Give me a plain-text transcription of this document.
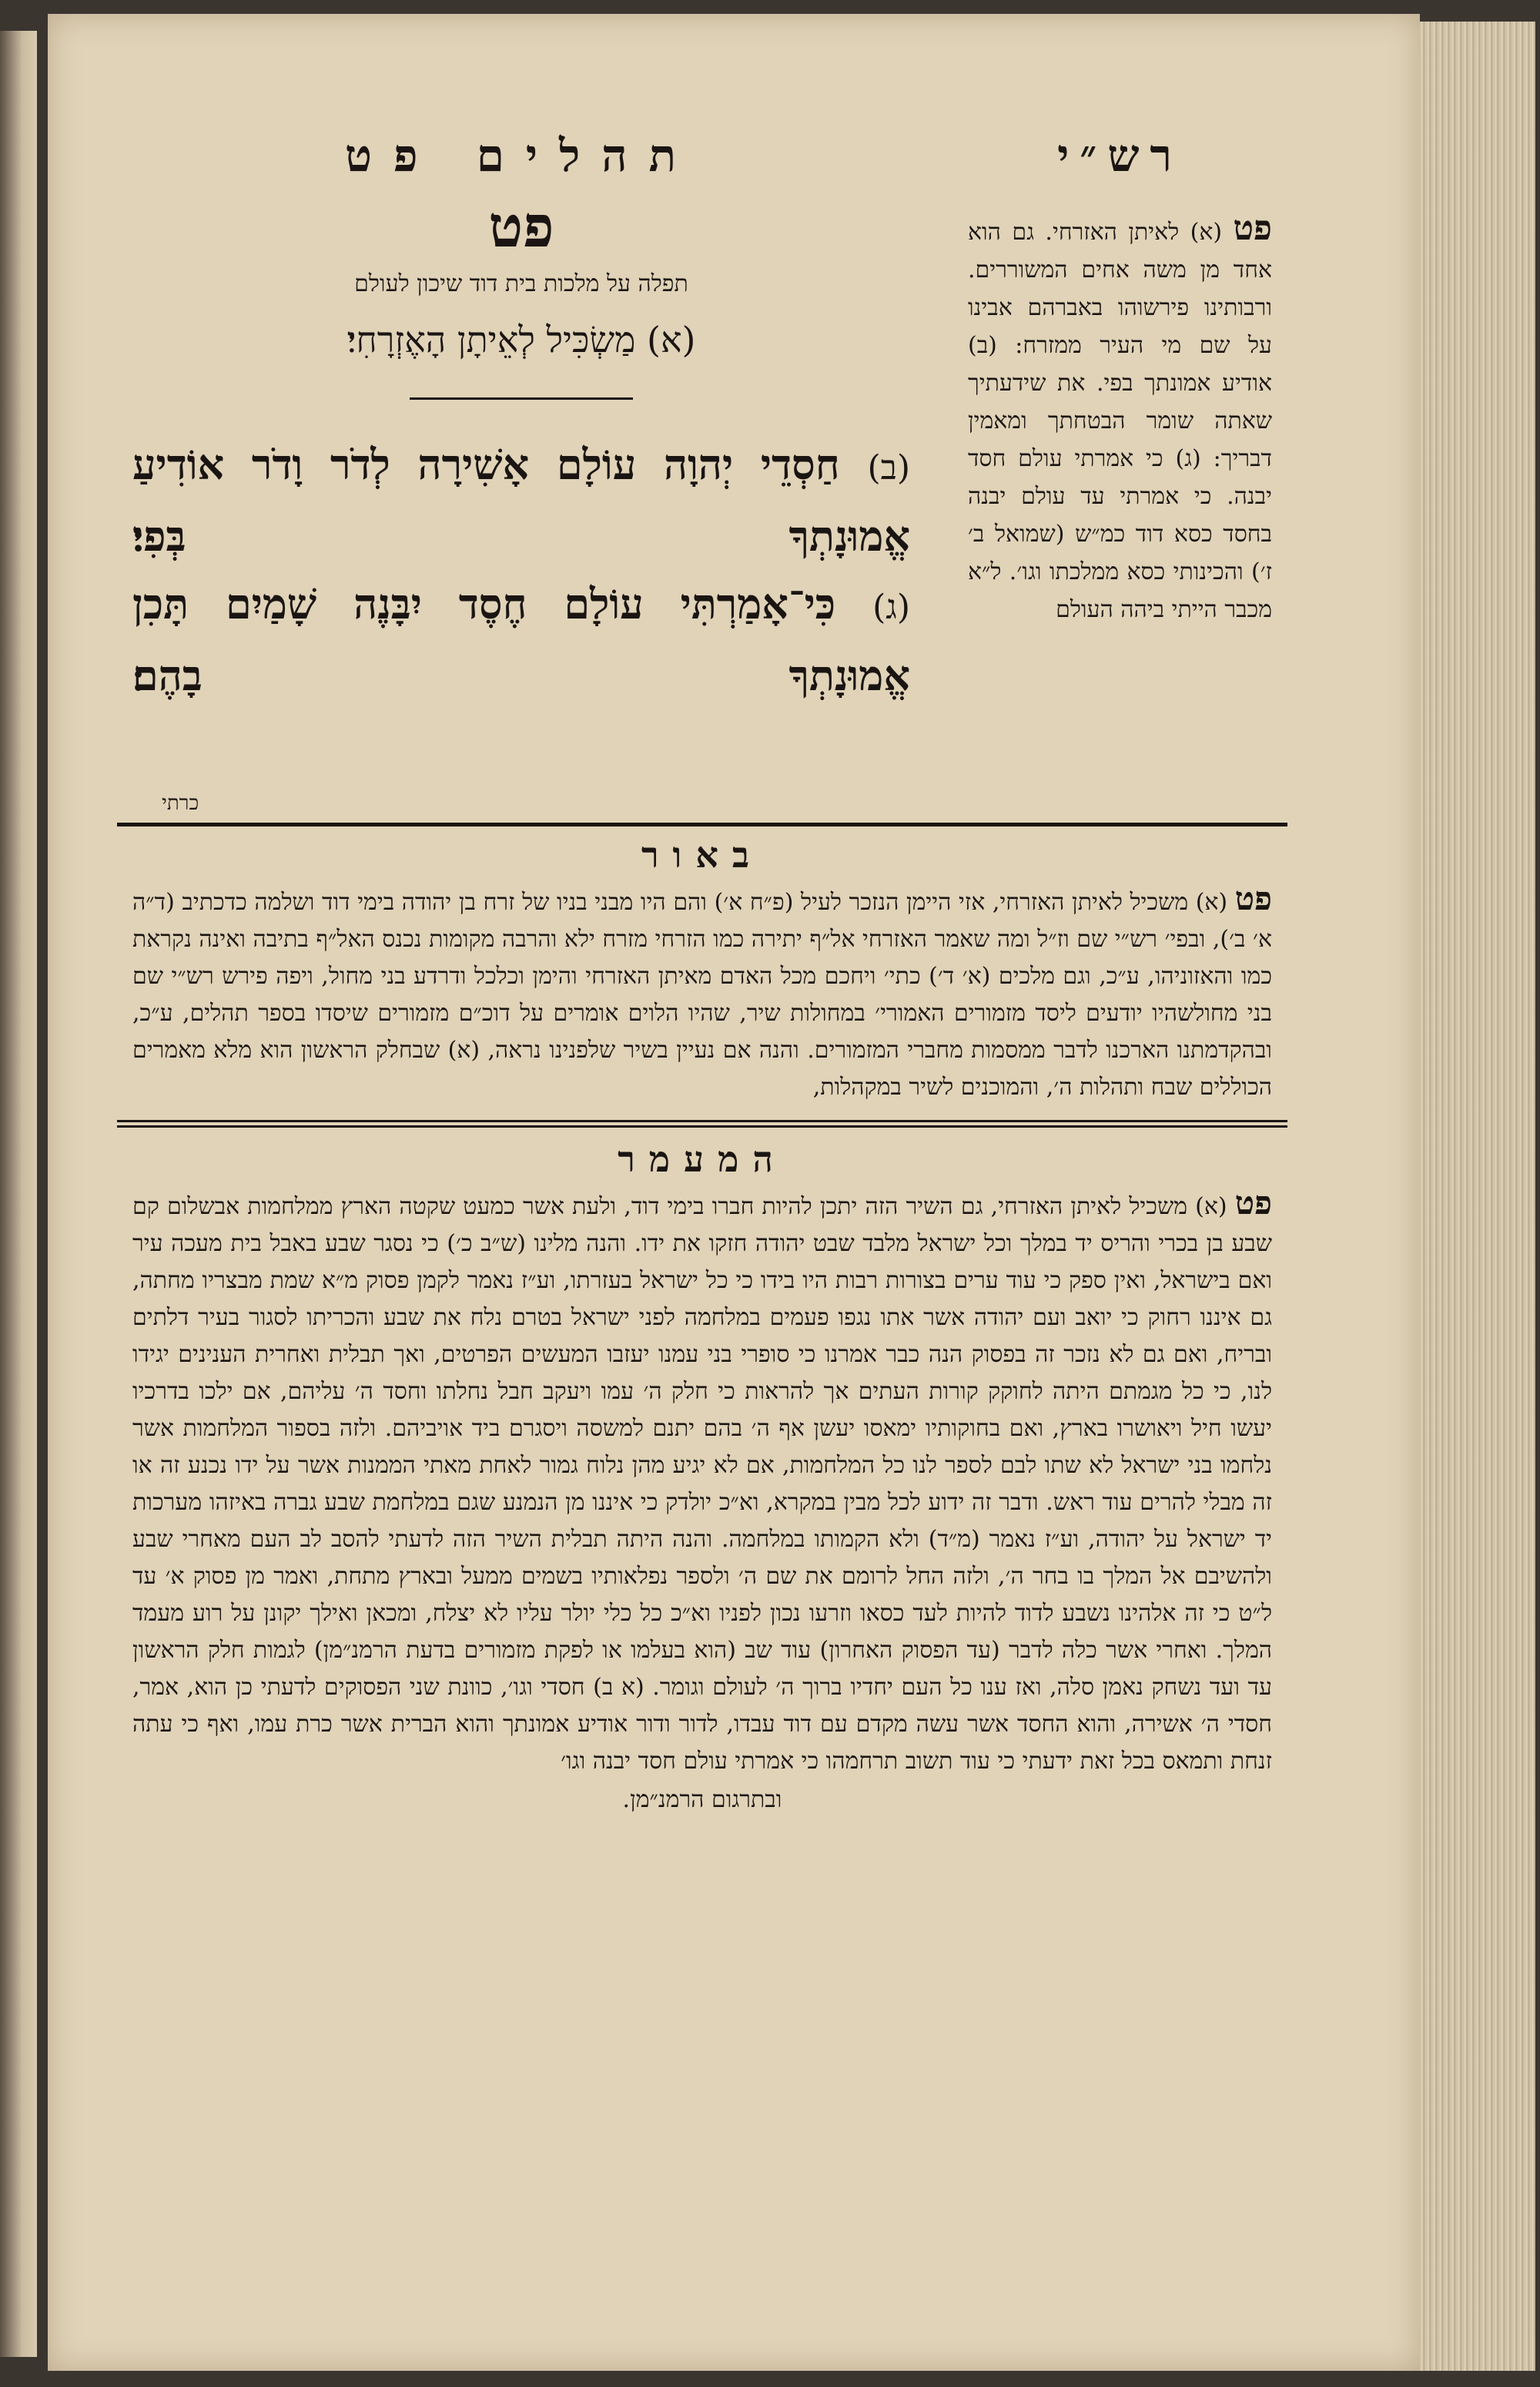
רש״י
פט (א) לאיתן האזרחי. גם הוא אחד מן משה אחים המשוררים. ורבותינו פירשוהו באברהם אבינו על שם מי העיר ממזרח: (ב) אודיע אמונתך בפי. את שידעתיך שאתה שומר הבטחתך ומאמין דבריך: (ג) כי אמרתי עולם חסד יבנה. כי אמרתי עד עולם יבנה בחסד כסא דוד כמ״ש (שמואל ב׳ ז׳) והכינותי כסא ממלכתו וגו׳. ל״א מכבר הייתי ביהה העולם
תהלים פט
פט
תפלה על מלכות בית דוד שיכון לעולם
(א) מַשְׂכִּיל לְאֵיתָן הָאֶזְרָחִי׃
(ב) חַסְדֵי יְהוָה עוֹלָם אָשִׁירָה לְדֹר וָדֹר אוֹדִיעַ אֱמוּנָתְךָ בְּפִי׃
(ג) כִּי־אָמַרְתִּי עוֹלָם חֶסֶד יִבָּנֶה שָׁמַיִם תָּכִן אֱמוּנָתְךָ בָהֶם׃
כרתי
באור
פט (א) משכיל לאיתן האזרחי, אזי היימן הנזכר לעיל (פ״ח א׳) והם היו מבני בניו של זרח בן יהודה בימי דוד ושלמה כדכתיב (ד״ה א׳ ב׳), ובפי׳ רש״י שם וז״ל ומה שאמר האזרחי אל״ף יתירה כמו הזרחי מזרח ילא והרבה מקומות נכנס האל״ף בתיבה ואינה נקראת כמו והאזוניהו, ע״כ, וגם מלכים (א׳ ד׳) כתי׳ ויחכם מכל האדם מאיתן האזרחי והימן וכלכל ודרדע בני מחול, ויפה פירש רש״י שם בני מחולשהיו יודעים ליסד מזמורים האמורי׳ במחולות שיר, שהיו הלוים אומרים על דוכ״ם מזמורים שיסדו בספר תהלים, ע״כ, ובהקדמתנו הארכנו לדבר ממסמות מחברי המזמורים. והנה אם נעיין בשיר שלפנינו נראה, (א) שבחלק הראשון הוא מלא מאמרים הכוללים שבח ותהלות ה׳, והמוכנים לשיר במקהלות,
המעמר
פט (א) משכיל לאיתן האזרחי, גם השיר הזה יתכן להיות חברו בימי דוד, ולעת אשר כמעט שקטה הארץ ממלחמות אבשלום קם שבע בן בכרי והריס יד במלך וכל ישראל מלבד שבט יהודה חזקו את ידו. והנה מלינו (ש״ב כ׳) כי נסגר שבע באבל בית מעכה עיר ואם בישראל, ואין ספק כי עוד ערים בצורות רבות היו בידו כי כל ישראל בעזרתו, וע״ז נאמר לקמן פסוק מ״א שמת מבצריו מחתה, גם איננו רחוק כי יואב ועם יהודה אשר אתו נגפו פעמים במלחמה לפני ישראל בטרם נלח את שבע והכריתו לסגור בעיר דלתים ובריח, ואם גם לא נזכר זה בפסוק הנה כבר אמרנו כי סופרי בני עמנו יעזבו המעשים הפרטים, ואך תבלית ואחרית הענינים יגידו לנו, כי כל מגמתם היתה לחוקק קורות העתים אך להראות כי חלק ה׳ עמו ויעקב חבל נחלתו וחסד ה׳ עליהם, אם ילכו בדרכיו יעשו חיל ויאושרו בארץ, ואם בחוקותיו ימאסו יעשן אף ה׳ בהם יתנם למשסה ויסגרם ביד אויביהם. ולזה בספור המלחמות אשר נלחמו בני ישראל לא שתו לבם לספר לנו כל המלחמות, אם לא יגיע מהן נלוח גמור לאחת מאתי הממנות אשר על ידו נכנע זה או זה מבלי להרים עוד ראש. ודבר זה ידוע לכל מבין במקרא, וא״כ יולדק כי איננו מן הנמנע שגם במלחמת שבע גברה באיזהו מערכות יד ישראל על יהודה, וע״ז נאמר (מ״ד) ולא הקמותו במלחמה. והנה היתה תבלית השיר הזה לדעתי להסב לב העם מאחרי שבע ולהשיבם אל המלך בו בחר ה׳, ולזה החל לרומם את שם ה׳ ולספר נפלאותיו בשמים ממעל ובארץ מתחת, ואמר מן פסוק א׳ עד ל״ט כי זה אלהינו נשבע לדוד להיות לעד כסאו וזרעו נכון לפניו וא״כ כל כלי יולר עליו לא יצלח, ומכאן ואילך יקונן על רוע מעמד המלך. ואחרי אשר כלה לדבר (עד הפסוק האחרון) עוד שב (הוא בעלמו או לפקת מזמורים בדעת הרמנ״מן) לגמות חלק הראשון עד ועד נשחק נאמן סלה, ואז ענו כל העם יחדיו ברוך ה׳ לעולם וגומר. (א ב) חסדי וגו׳, כוונת שני הפסוקים לדעתי כן הוא, אמר, חסדי ה׳ אשירה, והוא החסד אשר עשה מקדם עם דוד עבדו, לדור ודור אודיע אמונתך והוא הברית אשר כרת עמו, ואף כי עתה זנחת ותמאס בכל זאת ידעתי כי עוד תשוב תרחמהו כי אמרתי עולם חסד יבנה וגו׳
ובתרגום הרמנ״מן.
